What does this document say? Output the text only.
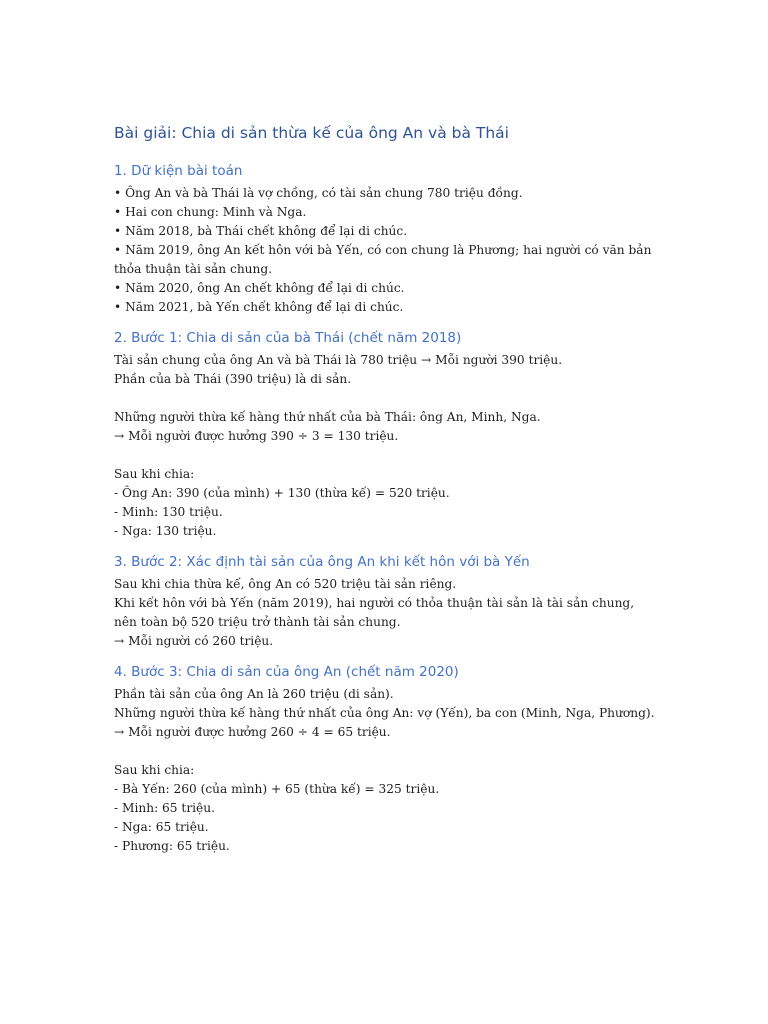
Bài giải: Chia di sản thừa kế của ông An và bà Thái
1. Dữ kiện bài toán
• Ông An và bà Thái là vợ chồng, có tài sản chung 780 triệu đồng.
• Hai con chung: Minh và Nga.
• Năm 2018, bà Thái chết không để lại di chúc.
• Năm 2019, ông An kết hôn với bà Yến, có con chung là Phương; hai người có văn bản thỏa thuận tài sản chung.
• Năm 2020, ông An chết không để lại di chúc.
• Năm 2021, bà Yến chết không để lại di chúc.
2. Bước 1: Chia di sản của bà Thái (chết năm 2018)
Tài sản chung của ông An và bà Thái là 780 triệu → Mỗi người 390 triệu.
Phần của bà Thái (390 triệu) là di sản.
Những người thừa kế hàng thứ nhất của bà Thái: ông An, Minh, Nga.
→ Mỗi người được hưởng 390 ÷ 3 = 130 triệu.
Sau khi chia:
- Ông An: 390 (của mình) + 130 (thừa kế) = 520 triệu.
- Minh: 130 triệu.
- Nga: 130 triệu.
3. Bước 2: Xác định tài sản của ông An khi kết hôn với bà Yến
Sau khi chia thừa kế, ông An có 520 triệu tài sản riêng.
Khi kết hôn với bà Yến (năm 2019), hai người có thỏa thuận tài sản là tài sản chung, nên toàn bộ 520 triệu trở thành tài sản chung.
→ Mỗi người có 260 triệu.
4. Bước 3: Chia di sản của ông An (chết năm 2020)
Phần tài sản của ông An là 260 triệu (di sản).
Những người thừa kế hàng thứ nhất của ông An: vợ (Yến), ba con (Minh, Nga, Phương).
→ Mỗi người được hưởng 260 ÷ 4 = 65 triệu.
Sau khi chia:
- Bà Yến: 260 (của mình) + 65 (thừa kế) = 325 triệu.
- Minh: 65 triệu.
- Nga: 65 triệu.
- Phương: 65 triệu.
